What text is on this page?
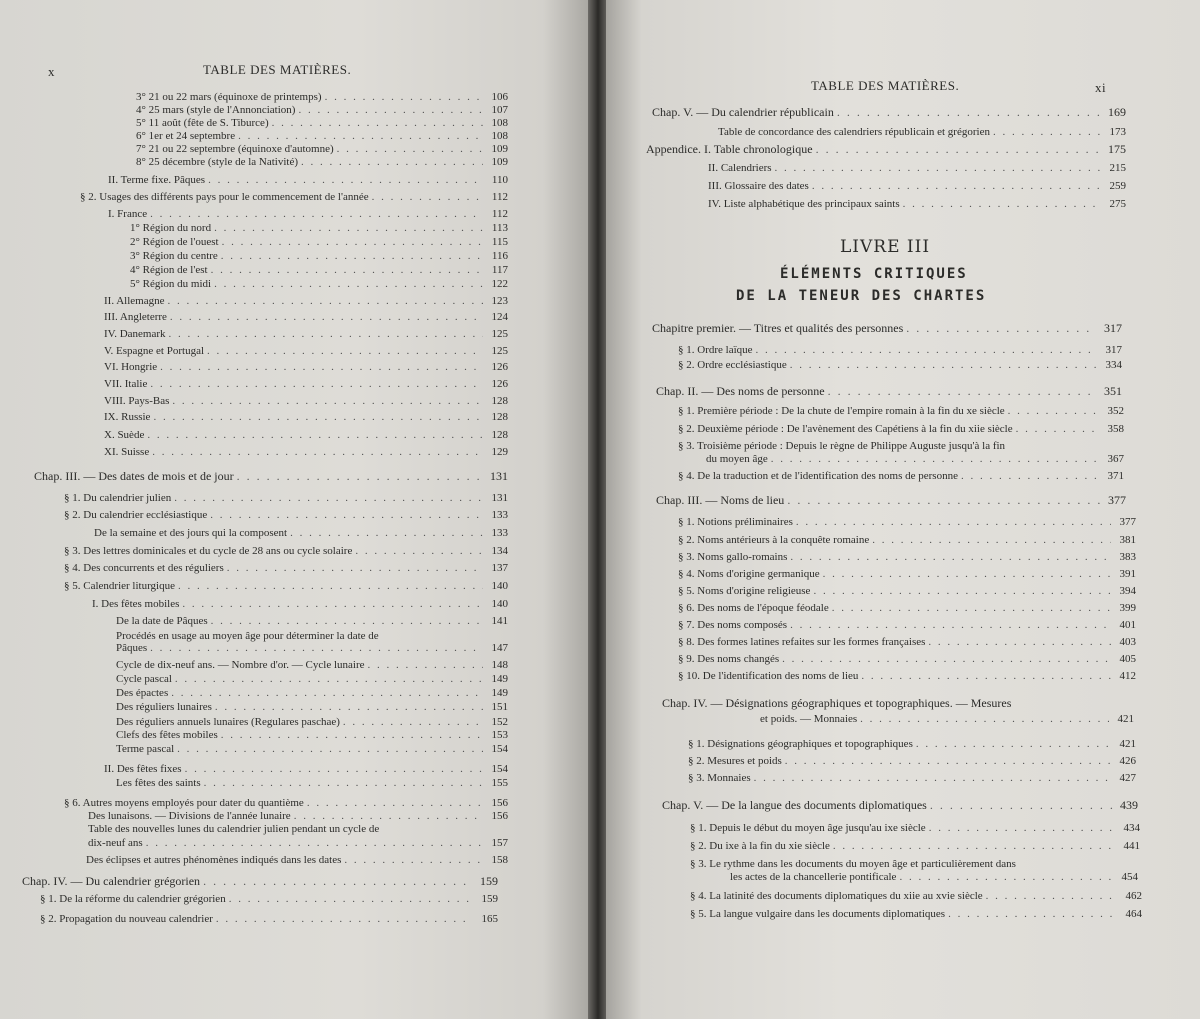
x	TABLE DES MATIÈRES.
3° 21 ou 22 mars (équinoxe de printemps) . . .	106
4° 25 mars (style de l'Annonciation) . . .	107
5° 11 août (fête de S. Tiburce) . . .	108
6° 1er et 24 septembre . . .	108
7° 21 ou 22 septembre (équinoxe d'automne) . . .	109
8° 25 décembre (style de la Nativité) . . .	109
II. Terme fixe. Pâques . . .	110
§ 2. Usages des différents pays pour le commencement de l'année . . .	112
I. France . . .	112
1° Région du nord . . .	113
2° Région de l'ouest . . .	115
3° Région du centre . . .	116
4° Région de l'est . . .	117
5° Région du midi . . .	122
II. Allemagne . . .	123
III. Angleterre . . .	124
IV. Danemark . . .	125
V. Espagne et Portugal . . .	125
VI. Hongrie . . .	126
VII. Italie . . .	126
VIII. Pays-Bas . . .	128
IX. Russie . . .	128
X. Suède . . .	128
XI. Suisse . . .	129
Chap. III. — Des dates de mois et de jour . . .	131
§ 1. Du calendrier julien . . .	131
§ 2. Du calendrier ecclésiastique . . .	133
De la semaine et des jours qui la composent . . .	133
§ 3. Des lettres dominicales et du cycle de 28 ans ou cycle solaire . . .	134
§ 4. Des concurrents et des réguliers . . .	137
§ 5. Calendrier liturgique . . .	140
I. Des fêtes mobiles . . .	140
De la date de Pâques . . .	141
Procédés en usage au moyen âge pour déterminer la date de
Pâques . . .	147
Cycle de dix-neuf ans. — Nombre d'or. — Cycle lunaire . . .	148
Cycle pascal . . .	149
Des épactes . . .	149
Des réguliers lunaires . . .	151
Des réguliers annuels lunaires (Regulares paschae) . . .	152
Clefs des fêtes mobiles . . .	153
Terme pascal . . .	154
II. Des fêtes fixes . . .	154
Les fêtes des saints . . .	155
§ 6. Autres moyens employés pour dater du quantième . . .	156
Des lunaisons. — Divisions de l'année lunaire . . .	156
Table des nouvelles lunes du calendrier julien pendant un cycle de
dix-neuf ans . . .	157
Des éclipses et autres phénomènes indiqués dans les dates . . .	158
Chap. IV. — Du calendrier grégorien . . .	159
§ 1. De la réforme du calendrier grégorien . . .	159
§ 2. Propagation du nouveau calendrier . . .	165
TABLE DES MATIÈRES.	xi
Chap. V. — Du calendrier républicain . . .	169
Table de concordance des calendriers républicain et grégorien . . .	173
Appendice. I. Table chronologique . . .	175
II. Calendriers . . .	215
III. Glossaire des dates . . .	259
IV. Liste alphabétique des principaux saints . . .	275
LIVRE III
ÉLÉMENTS CRITIQUES
DE LA TENEUR DES CHARTES
Chapitre premier. — Titres et qualités des personnes . . .	317
§ 1. Ordre laïque . . .	317
§ 2. Ordre ecclésiastique . . .	334
Chap. II. — Des noms de personne . . .	351
§ 1. Première période : De la chute de l'empire romain à la fin du xe siècle . . .	352
§ 2. Deuxième période : De l'avènement des Capétiens à la fin du xiie siècle . . .	358
§ 3. Troisième période : Depuis le règne de Philippe Auguste jusqu'à la fin
du moyen âge . . .	367
§ 4. De la traduction et de l'identification des noms de personne . . .	371
Chap. III. — Noms de lieu . . .	377
§ 1. Notions préliminaires . . .	377
§ 2. Noms antérieurs à la conquête romaine . . .	381
§ 3. Noms gallo-romains . . .	383
§ 4. Noms d'origine germanique . . .	391
§ 5. Noms d'origine religieuse . . .	394
§ 6. Des noms de l'époque féodale . . .	399
§ 7. Des noms composés . . .	401
§ 8. Des formes latines refaites sur les formes françaises . . .	403
§ 9. Des noms changés . . .	405
§ 10. De l'identification des noms de lieu . . .	412
Chap. IV. — Désignations géographiques et topographiques. — Mesures
et poids. — Monnaies . . .	421
§ 1. Désignations géographiques et topographiques . . .	421
§ 2. Mesures et poids . . .	426
§ 3. Monnaies . . .	427
Chap. V. — De la langue des documents diplomatiques . . .	439
§ 1. Depuis le début du moyen âge jusqu'au ixe siècle . . .	434
§ 2. Du ixe à la fin du xie siècle . . .	441
§ 3. Le rythme dans les documents du moyen âge et particulièrement dans
les actes de la chancellerie pontificale . . .	454
§ 4. La latinité des documents diplomatiques du xiie au xvie siècle . . .	462
§ 5. La langue vulgaire dans les documents diplomatiques . . .	464
